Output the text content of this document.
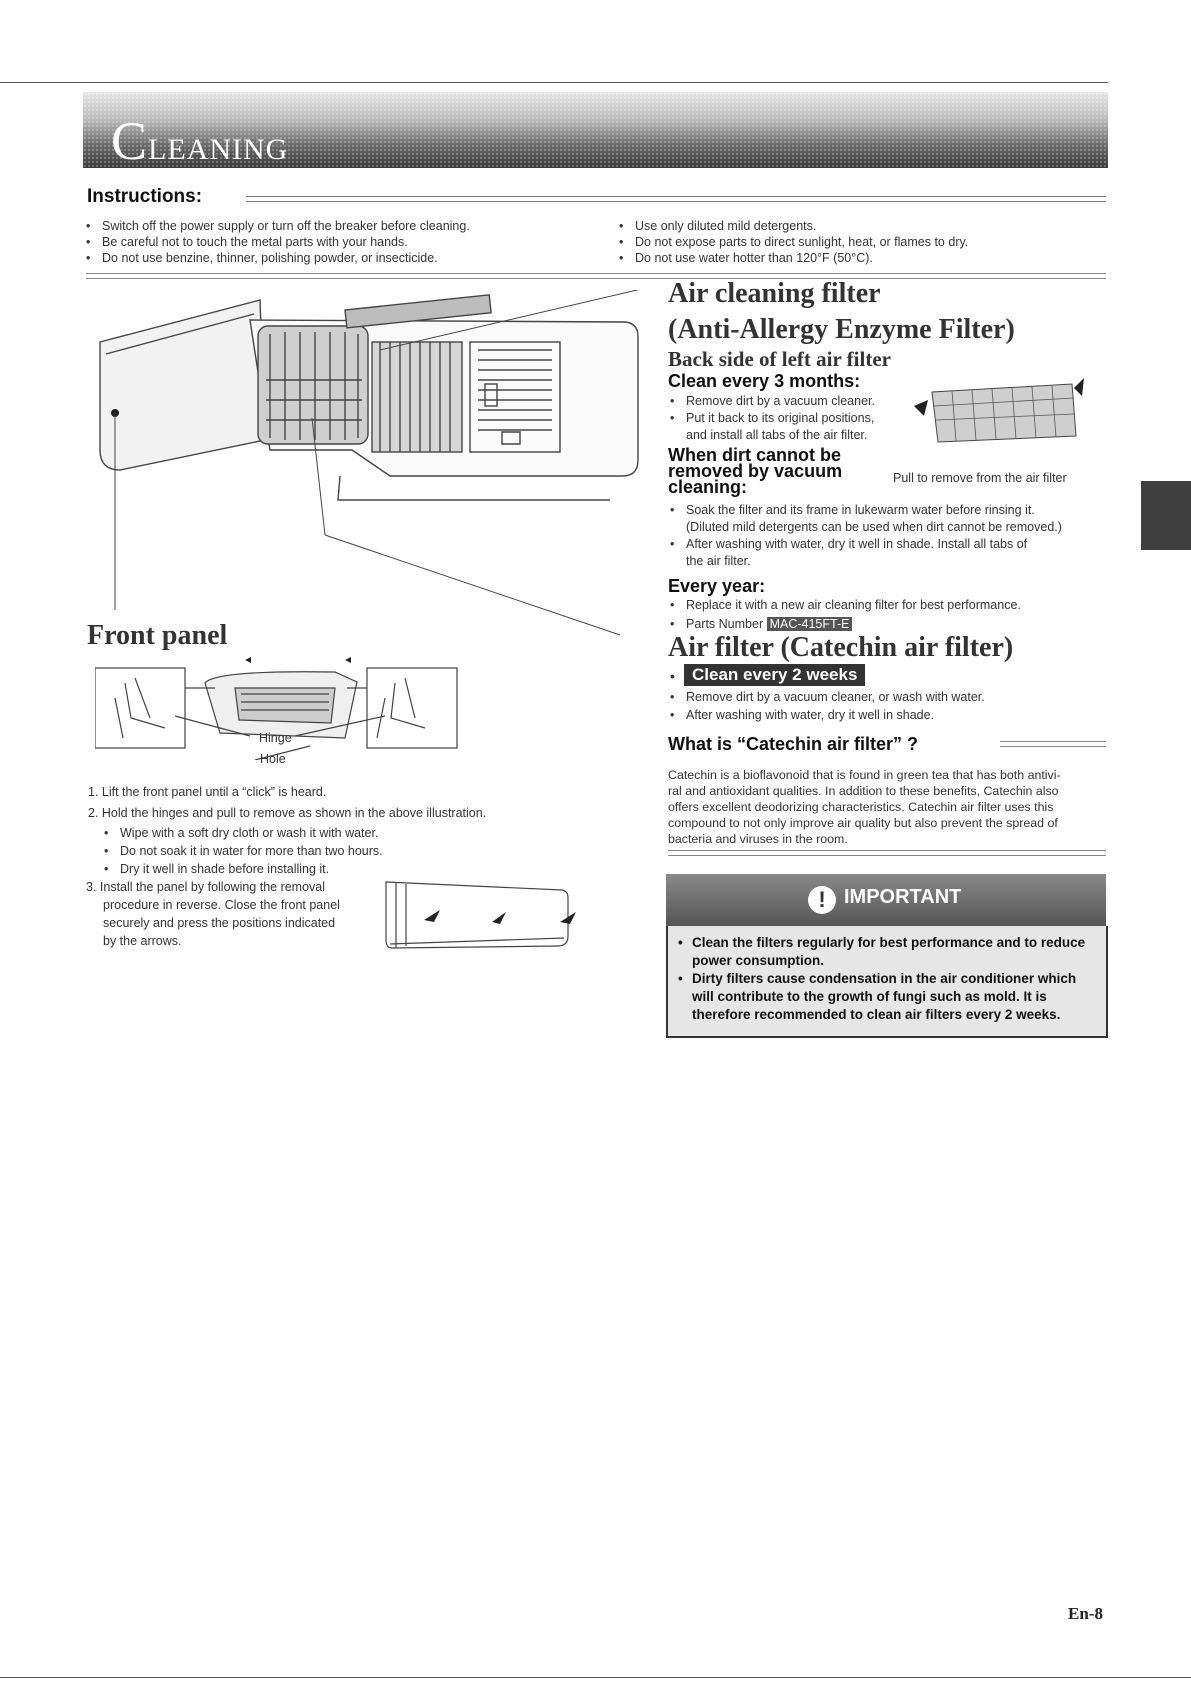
CLEANING
Instructions:
• Switch off the power supply or turn off the breaker before cleaning.
• Be careful not to touch the metal parts with your hands.
• Do not use benzine, thinner, polishing powder, or insecticide.
• Use only diluted mild detergents.
• Do not expose parts to direct sunlight, heat, or flames to dry.
• Do not use water hotter than 120°F (50°C).
Front panel
Hinge
Hole
1. Lift the front panel until a “click” is heard.
2. Hold the hinges and pull to remove as shown in the above illustration.
• Wipe with a soft dry cloth or wash it with water.
• Do not soak it in water for more than two hours.
• Dry it well in shade before installing it.
3. Install the panel by following the removal
procedure in reverse. Close the front panel
securely and press the positions indicated
by the arrows.
Air cleaning filter
(Anti-Allergy Enzyme Filter)
Back side of left air filter
Clean every 3 months:
• Remove dirt by a vacuum cleaner.
• Put it back to its original positions,
and install all tabs of the air filter.
When dirt cannot be
removed by vacuum
cleaning:	Pull to remove from the air filter
• Soak the filter and its frame in lukewarm water before rinsing it.
(Diluted mild detergents can be used when dirt cannot be removed.)
• After washing with water, dry it well in shade. Install all tabs of
the air filter.
Every year:
• Replace it with a new air cleaning filter for best performance.
• Parts Number MAC-415FT-E
Air filter (Catechin air filter)
•	Clean every 2 weeks
• Remove dirt by a vacuum cleaner, or wash with water.
• After washing with water, dry it well in shade.
What is “Catechin air filter” ?
Catechin is a bioflavonoid that is found in green tea that has both antivi-
ral and antioxidant qualities. In addition to these benefits, Catechin also
offers excellent deodorizing characteristics. Catechin air filter uses this
compound to not only improve air quality but also prevent the spread of
bacteria and viruses in the room.
! IMPORTANT
• Clean the filters regularly for best performance and to reduce power consumption.
• Dirty filters cause condensation in the air conditioner which will contribute to the growth of fungi such as mold. It is therefore recommended to clean air filters every 2 weeks.
En-8
